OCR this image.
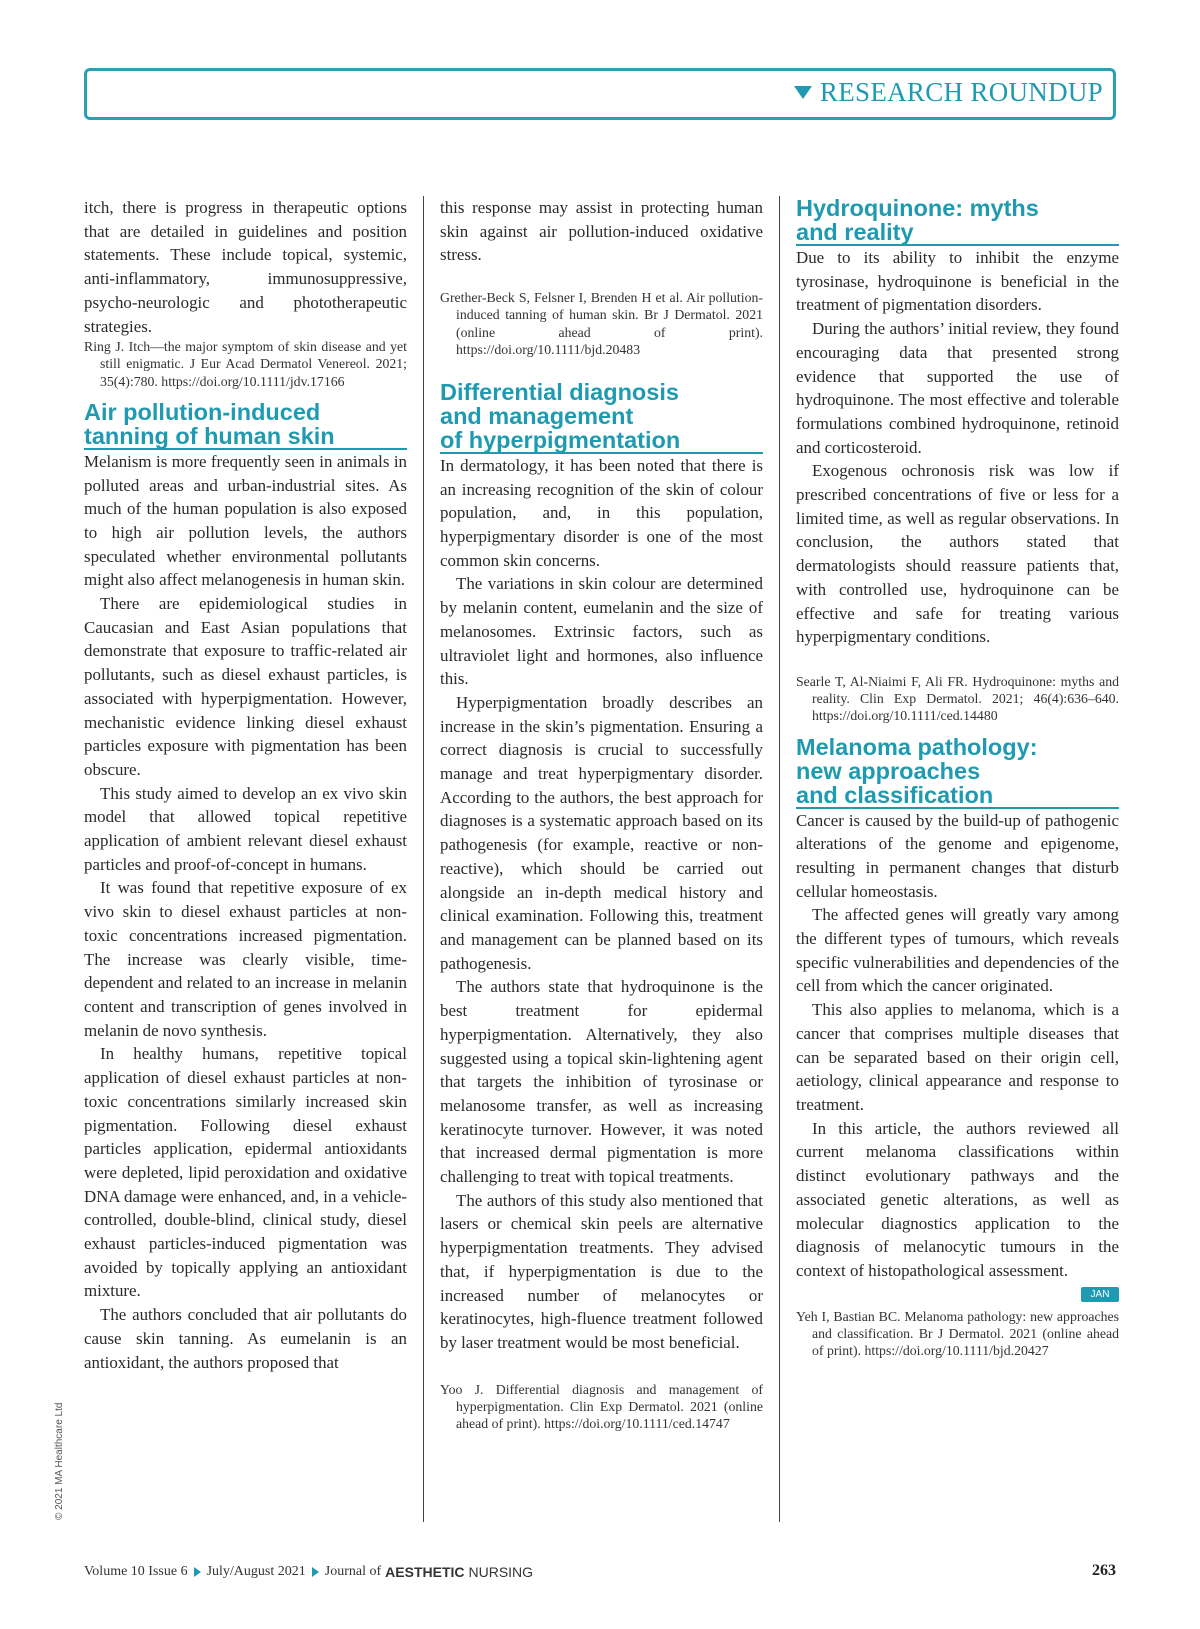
RESEARCH ROUNDUP

itch, there is progress in therapeutic options that are detailed in guidelines and position statements. These include topical, systemic, anti-inflammatory, immunosuppressive, psycho-neurologic and phototherapeutic strategies.

Ring J. Itch—the major symptom of skin disease and yet still enigmatic. J Eur Acad Dermatol Venereol. 2021; 35(4):780. https://doi.org/10.1111/jdv.17166

Air pollution-induced
tanning of human skin

Melanism is more frequently seen in animals in polluted areas and urban-industrial sites. As much of the human population is also exposed to high air pollution levels, the authors speculated whether environmental pollutants might also affect melanogenesis in human skin.

There are epidemiological studies in Caucasian and East Asian populations that demonstrate that exposure to traffic-related air pollutants, such as diesel exhaust particles, is associated with hyperpigmentation. However, mechanistic evidence linking diesel exhaust particles exposure with pigmentation has been obscure.

This study aimed to develop an ex vivo skin model that allowed topical repetitive application of ambient relevant diesel exhaust particles and proof-of-concept in humans.

It was found that repetitive exposure of ex vivo skin to diesel exhaust particles at non-toxic concentrations increased pigmentation. The increase was clearly visible, time-dependent and related to an increase in melanin content and transcription of genes involved in melanin de novo synthesis.

In healthy humans, repetitive topical application of diesel exhaust particles at non-toxic concentrations similarly increased skin pigmentation. Following diesel exhaust particles application, epidermal antioxidants were depleted, lipid peroxidation and oxidative DNA damage were enhanced, and, in a vehicle-controlled, double-blind, clinical study, diesel exhaust particles-induced pigmentation was avoided by topically applying an antioxidant mixture.

The authors concluded that air pollutants do cause skin tanning. As eumelanin is an antioxidant, the authors proposed that

this response may assist in protecting human skin against air pollution-induced oxidative stress.

Grether-Beck S, Felsner I, Brenden H et al. Air pollution-induced tanning of human skin. Br J Dermatol. 2021 (online ahead of print). https://doi.org/10.1111/bjd.20483

Differential diagnosis
and management
of hyperpigmentation

In dermatology, it has been noted that there is an increasing recognition of the skin of colour population, and, in this population, hyperpigmentary disorder is one of the most common skin concerns.

The variations in skin colour are determined by melanin content, eumelanin and the size of melanosomes. Extrinsic factors, such as ultraviolet light and hormones, also influence this.

Hyperpigmentation broadly describes an increase in the skin’s pigmentation. Ensuring a correct diagnosis is crucial to successfully manage and treat hyperpigmentary disorder. According to the authors, the best approach for diagnoses is a systematic approach based on its pathogenesis (for example, reactive or non-reactive), which should be carried out alongside an in-depth medical history and clinical examination. Following this, treatment and management can be planned based on its pathogenesis.

The authors state that hydroquinone is the best treatment for epidermal hyperpigmentation. Alternatively, they also suggested using a topical skin-lightening agent that targets the inhibition of tyrosinase or melanosome transfer, as well as increasing keratinocyte turnover. However, it was noted that increased dermal pigmentation is more challenging to treat with topical treatments.

The authors of this study also mentioned that lasers or chemical skin peels are alternative hyperpigmentation treatments. They advised that, if hyperpigmentation is due to the increased number of melanocytes or keratinocytes, high-fluence treatment followed by laser treatment would be most beneficial.

Yoo J. Differential diagnosis and management of hyperpigmentation. Clin Exp Dermatol. 2021 (online ahead of print). https://doi.org/10.1111/ced.14747

Hydroquinone: myths
and reality

Due to its ability to inhibit the enzyme tyrosinase, hydroquinone is beneficial in the treatment of pigmentation disorders.

During the authors’ initial review, they found encouraging data that presented strong evidence that supported the use of hydroquinone. The most effective and tolerable formulations combined hydroquinone, retinoid and corticosteroid.

Exogenous ochronosis risk was low if prescribed concentrations of five or less for a limited time, as well as regular observations. In conclusion, the authors stated that dermatologists should reassure patients that, with controlled use, hydroquinone can be effective and safe for treating various hyperpigmentary conditions.

Searle T, Al-Niaimi F, Ali FR. Hydroquinone: myths and reality. Clin Exp Dermatol. 2021; 46(4):636–640. https://doi.org/10.1111/ced.14480

Melanoma pathology:
new approaches
and classification

Cancer is caused by the build-up of pathogenic alterations of the genome and epigenome, resulting in permanent changes that disturb cellular homeostasis.

The affected genes will greatly vary among the different types of tumours, which reveals specific vulnerabilities and dependencies of the cell from which the cancer originated.

This also applies to melanoma, which is a cancer that comprises multiple diseases that can be separated based on their origin cell, aetiology, clinical appearance and response to treatment.

In this article, the authors reviewed all current melanoma classifications within distinct evolutionary pathways and the associated genetic alterations, as well as molecular diagnostics application to the diagnosis of melanocytic tumours in the context of histopathological assessment.

JAN

Yeh I, Bastian BC. Melanoma pathology: new approaches and classification. Br J Dermatol. 2021 (online ahead of print). https://doi.org/10.1111/bjd.20427

© 2021 MA Healthcare Ltd
Volume 10 Issue 6 July/August 2021 Journal of AESTHETIC NURSING	263
